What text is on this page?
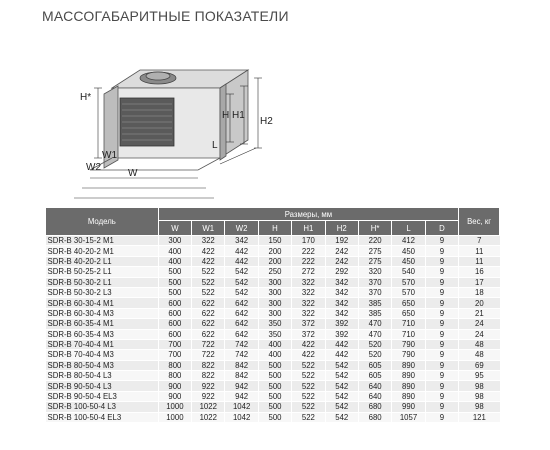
МАССОГАБАРИТНЫЕ ПОКАЗАТЕЛИ
H*
H H1
H2
W
W1
W2
L
Модель	Размеры, мм									Вес, кг
	W	W1	W2	H	H1	H2	H*	L	D	
SDR-B 30-15-2 M1	300	322	342	150	170	192	220	412	9	7
SDR-B 40-20-2 M1	400	422	442	200	222	242	275	450	9	11
SDR-B 40-20-2 L1	400	422	442	200	222	242	275	450	9	11
SDR-B 50-25-2 L1	500	522	542	250	272	292	320	540	9	16
SDR-B 50-30-2 L1	500	522	542	300	322	342	370	570	9	17
SDR-B 50-30-2 L3	500	522	542	300	322	342	370	570	9	18
SDR-B 60-30-4 M1	600	622	642	300	322	342	385	650	9	20
SDR-B 60-30-4 M3	600	622	642	300	322	342	385	650	9	21
SDR-B 60-35-4 M1	600	622	642	350	372	392	470	710	9	24
SDR-B 60-35-4 M3	600	622	642	350	372	392	470	710	9	24
SDR-B 70-40-4 M1	700	722	742	400	422	442	520	790	9	48
SDR-B 70-40-4 M3	700	722	742	400	422	442	520	790	9	48
SDR-B 80-50-4 M3	800	822	842	500	522	542	605	890	9	69
SDR-B 80-50-4 L3	800	822	842	500	522	542	605	890	9	95
SDR-B 90-50-4 L3	900	922	942	500	522	542	640	890	9	98
SDR-B 90-50-4 EL3	900	922	942	500	522	542	640	890	9	98
SDR-B 100-50-4 L3	1000	1022	1042	500	522	542	680	990	9	98
SDR-B 100-50-4 EL3	1000	1022	1042	500	522	542	680	1057	9	121
